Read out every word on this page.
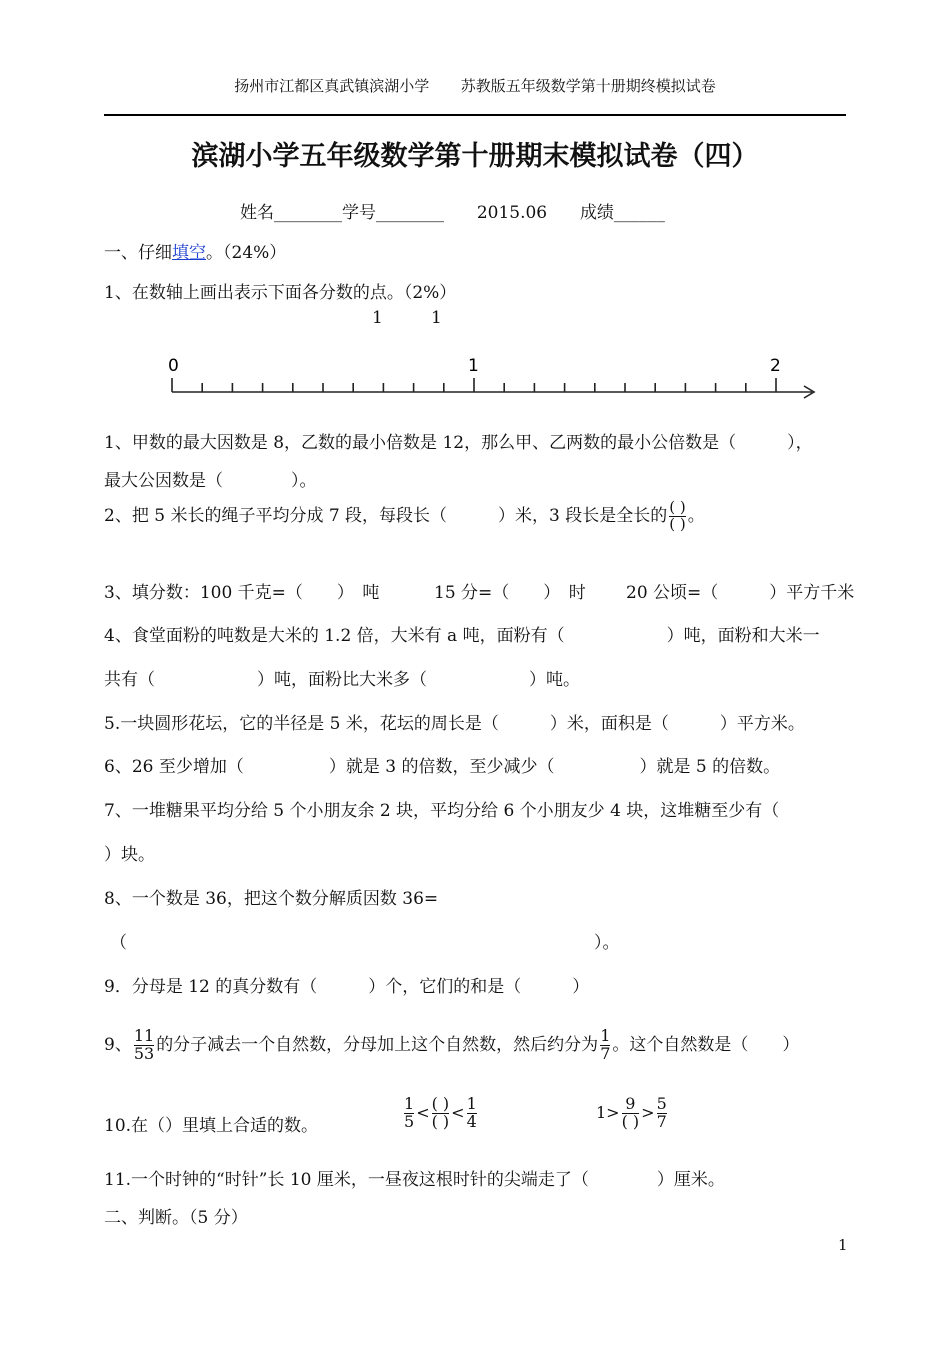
扬州市江都区真武镇滨湖小学 苏教版五年级数学第十册期终模拟试卷
滨湖小学五年级数学第十册期末模拟试卷（四）
姓名________学号________ 2015.06 成绩______
一、仔细填空。（24%）
1、在数轴上画出表示下面各分数的点。（2%）
1	1
0	1	2
1、甲数的最大因数是 8，乙数的最小倍数是 12，那么甲、乙两数的最小公倍数是（　　　），
最大公因数是（　　　　）。
2、把 5 米长的绳子平均分成 7 段，每段长（　　　）米，3 段长是全长的 $\frac{( )}{( )}$ 。
3、填分数：100 千克=（　　）　吨	15 分=（　　）　时 20 公顷=（　　　）平方千米
4、食堂面粉的吨数是大米的 1.2 倍，大米有 a 吨，面粉有（　　　　　　）吨，面粉和大米一
共有（　　　　　　）吨，面粉比大米多（　　　　　　）吨。
5.一块圆形花坛，它的半径是 5 米，花坛的周长是（　　　）米，面积是（　　　）平方米。
6、26 至少增加（　　　　　）就是 3 的倍数，至少减少（　　　　　）就是 5 的倍数。
7、一堆糖果平均分给 5 个小朋友余 2 块，平均分给 6 个小朋友少 4 块，这堆糖至少有（
）块。
8、一个数是 36，把这个数分解质因数 36=
（	）。
9．分母是 12 的真分数有（　　　）个，它们的和是（　　　）
9、 $\frac{11}{53}$ 的分子减去一个自然数，分母加上这个自然数，然后约分为 $\frac{1}{7}$ 。这个自然数是（　　）
10.在（）里填上合适的数。	$\frac{1}{5} < \frac{( )}{( )} < \frac{1}{4}$	$1> \frac{9}{( )} > \frac{5}{7}$
11.一个时钟的“时针”长 10 厘米，一昼夜这根时针的尖端走了（　　　　）厘米。
二、判断。（5 分）
1
